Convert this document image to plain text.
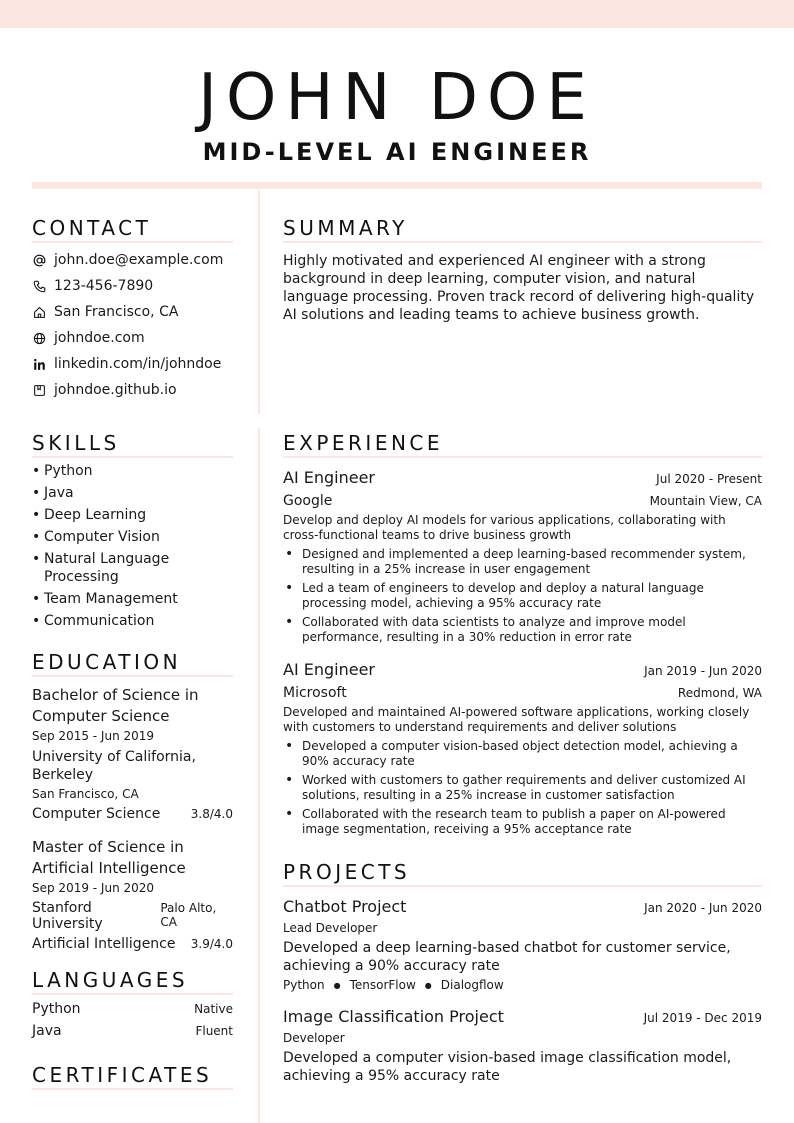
JOHN DOE
MID-LEVEL AI ENGINEER
CONTACT
john.doe@example.com
123-456-7890
San Francisco, CA
johndoe.com
linkedin.com/in/johndoe
johndoe.github.io
SUMMARY
Highly motivated and experienced AI engineer with a strong background in deep learning, computer vision, and natural language processing. Proven track record of delivering high-quality AI solutions and leading teams to achieve business growth.
SKILLS
• Python
• Java
• Deep Learning
• Computer Vision
• Natural Language Processing
• Team Management
• Communication
EDUCATION
Bachelor of Science in Computer Science
Sep 2015 - Jun 2019
University of California, Berkeley
San Francisco, CA
Computer Science	3.8/4.0
Master of Science in Artificial Intelligence
Sep 2019 - Jun 2020
Stanford University
Palo Alto, CA
Artificial Intelligence 3.9/4.0
LANGUAGES
Python	Native
Java	Fluent
CERTIFICATES
EXPERIENCE
AI Engineer	Jul 2020 - Present
Google	Mountain View, CA
Develop and deploy AI models for various applications, collaborating with cross-functional teams to drive business growth
• Designed and implemented a deep learning-based recommender system, resulting in a 25% increase in user engagement
• Led a team of engineers to develop and deploy a natural language processing model, achieving a 95% accuracy rate
• Collaborated with data scientists to analyze and improve model performance, resulting in a 30% reduction in error rate
AI Engineer	Jan 2019 - Jun 2020
Microsoft	Redmond, WA
Developed and maintained AI-powered software applications, working closely with customers to understand requirements and deliver solutions
• Developed a computer vision-based object detection model, achieving a 90% accuracy rate
• Worked with customers to gather requirements and deliver customized AI solutions, resulting in a 25% increase in customer satisfaction
• Collaborated with the research team to publish a paper on AI-powered image segmentation, receiving a 95% acceptance rate
PROJECTS
Chatbot Project	Jan 2020 - Jun 2020
Lead Developer
Developed a deep learning-based chatbot for customer service, achieving a 90% accuracy rate
Python ● TensorFlow ● Dialogflow
Image Classification Project	Jul 2019 - Dec 2019
Developer
Developed a computer vision-based image classification model, achieving a 95% accuracy rate
